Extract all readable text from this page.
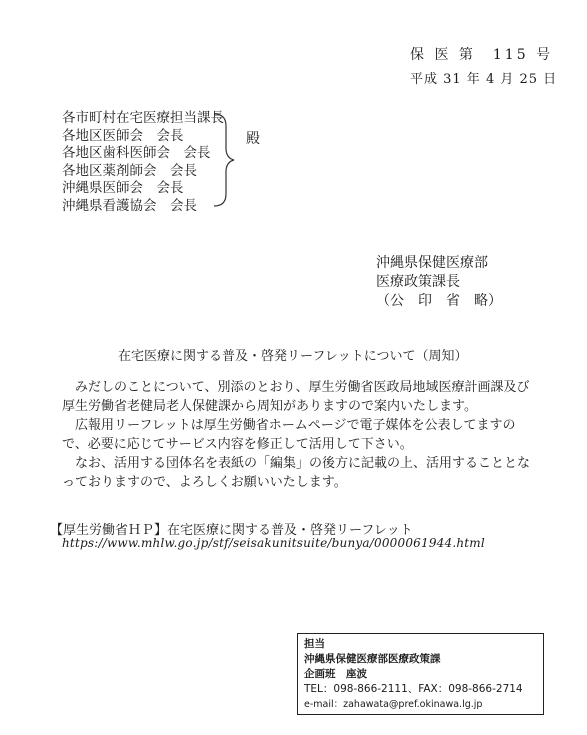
保 医 第　115 号
平成 31 年 4 月 25 日
各市町村在宅医療担当課長
各地区医師会　会長
各地区歯科医師会　会長
各地区薬剤師会　会長
沖縄県医師会　会長
沖縄県看護協会　会長
殿
沖縄県保健医療部
医療政策課長
（公　印　省　略）
在宅医療に関する普及・啓発リーフレットについて（周知）

みだしのことについて、別添のとおり、厚生労働省医政局地域医療計画課及び厚生労働省老健局老人保健課から周知がありますので案内いたします。

広報用リーフレットは厚生労働省ホームページで電子媒体を公表してますので、必要に応じてサービス内容を修正して活用して下さい。

なお、活用する団体名を表紙の「編集」の後方に記載の上、活用することとなっておりますので、よろしくお願いいたします。

【厚生労働省ＨＰ】在宅医療に関する普及・啓発リーフレット
https://www.mhlw.go.jp/stf/seisakunitsuite/bunya/0000061944.html
担当
沖縄県保健医療部医療政策課
企画班　座波
TEL：098-866-2111、FAX：098-866-2714
e-mail：zahawata@pref.okinawa.lg.jp
